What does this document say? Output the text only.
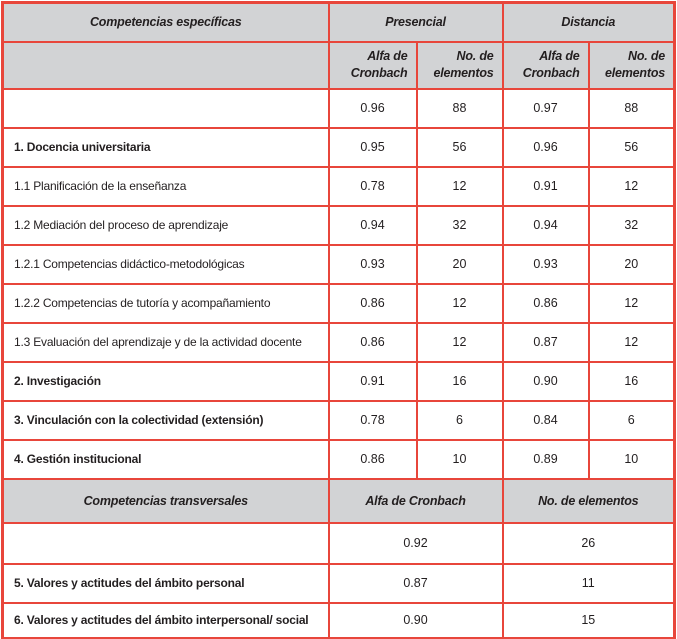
Competencias específicas	Presencial		Distancia	
	Alfa de Cronbach	No. de elementos	Alfa de Cronbach	No. de elementos
	0.96	88	0.97	88
1. Docencia universitaria	0.95	56	0.96	56
1.1 Planificación de la enseñanza	0.78	12	0.91	12
1.2 Mediación del proceso de aprendizaje	0.94	32	0.94	32
1.2.1 Competencias didáctico-metodológicas	0.93	20	0.93	20
1.2.2 Competencias de tutoría y acompañamiento	0.86	12	0.86	12
1.3 Evaluación del aprendizaje y de la actividad docente	0.86	12	0.87	12
2. Investigación	0.91	16	0.90	16
3. Vinculación con la colectividad (extensión)	0.78	6	0.84	6
4. Gestión institucional	0.86	10	0.89	10
Competencias transversales	Alfa de Cronbach		No. de elementos	
	0.92		26	
5. Valores y actitudes del ámbito personal	0.87		11	
6. Valores y actitudes del ámbito interpersonal/ social	0.90		15	
